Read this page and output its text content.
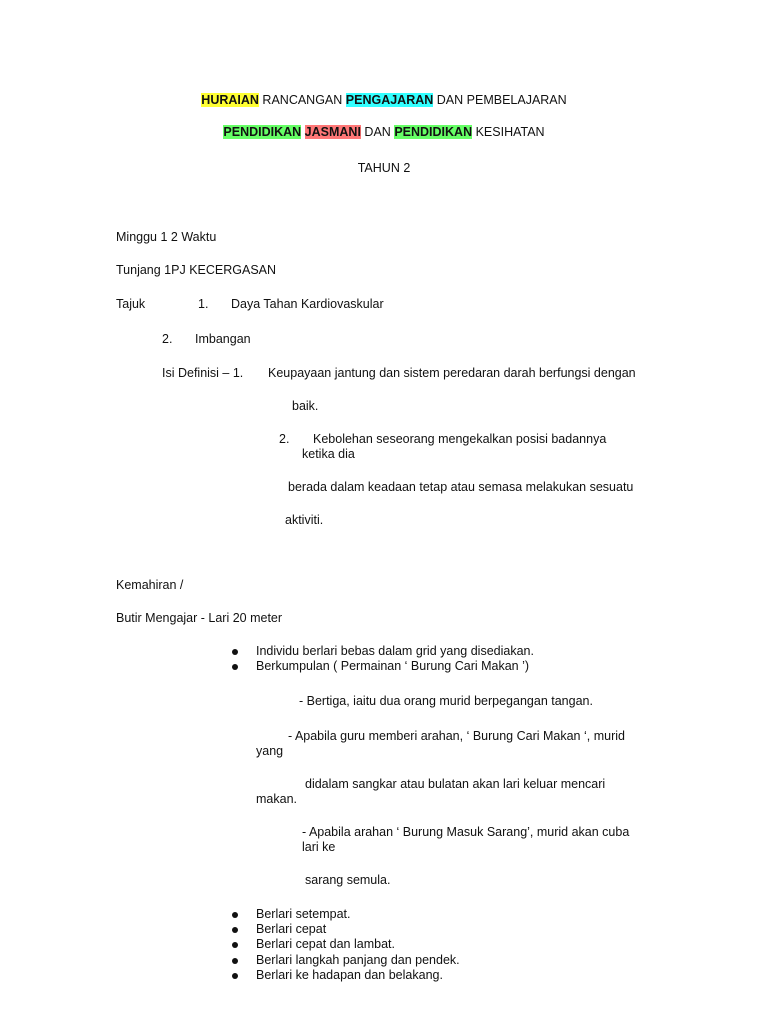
HURAIAN RANCANGAN PENGAJARAN DAN PEMBELAJARAN
PENDIDIKAN JASMANI DAN PENDIDIKAN KESIHATAN
TAHUN 2
Minggu 1 2 Waktu
Tunjang 1PJ KECERGASAN
Tajuk	1. Daya Tahan Kardiovaskular
2. Imbangan
Isi Definisi – 1. Keupayaan jantung dan sistem peredaran darah berfungsi dengan
baik.
2. Kebolehan seseorang mengekalkan posisi badannya
ketika dia
berada dalam keadaan tetap atau semasa melakukan sesuatu
aktiviti.
Kemahiran /
Butir Mengajar - Lari 20 meter
Individu berlari bebas dalam grid yang disediakan.
Berkumpulan ( Permainan ‘ Burung Cari Makan ’)
- Bertiga, iaitu dua orang murid berpegangan tangan.
- Apabila guru memberi arahan, ‘ Burung Cari Makan ‘, murid
yang
didalam sangkar atau bulatan akan lari keluar mencari
makan.
- Apabila arahan ‘ Burung Masuk Sarang’, murid akan cuba
lari ke
sarang semula.
Berlari setempat.
Berlari cepat
Berlari cepat dan lambat.
Berlari langkah panjang dan pendek.
Berlari ke hadapan dan belakang.
